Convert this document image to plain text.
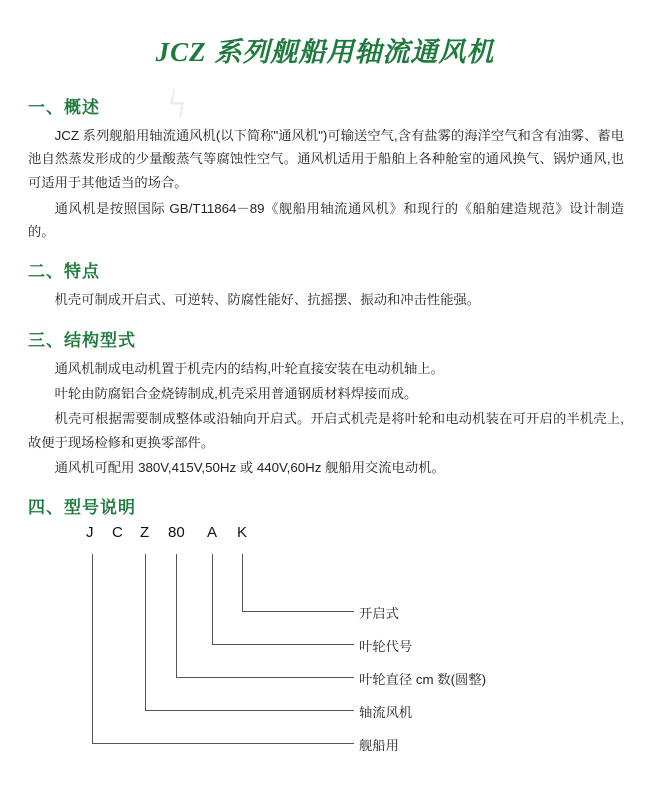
ϟ
JCZ 系列舰船用轴流通风机
一、概述

JCZ 系列舰船用轴流通风机(以下简称"通风机")可输送空气,含有盐雾的海洋空气和含有油雾、蓄电池自然蒸发形成的少量酸蒸气等腐蚀性空气。通风机适用于船舶上各种舱室的通风换气、锅炉通风,也可适用于其他适当的场合。

通风机是按照国际 GB/T11864－89《舰船用轴流通风机》和现行的《船舶建造规范》设计制造的。

二、特点

机壳可制成开启式、可逆转、防腐性能好、抗摇摆、振动和冲击性能强。

三、结构型式

通风机制成电动机置于机壳内的结构,叶轮直接安装在电动机轴上。

叶轮由防腐铝合金烧铸制成,机壳采用普通钢质材料焊接而成。

机壳可根据需要制成整体或沿轴向开启式。开启式机壳是将叶轮和电动机装在可开启的半机壳上,故便于现场检修和更换零部件。

通风机可配用 380V,415V,50Hz 或 440V,60Hz 舰船用交流电动机。

四、型号说明
J C Z 80 A K
开启式
叶轮代号
叶轮直径 cm 数(圆整)
轴流风机
舰船用
